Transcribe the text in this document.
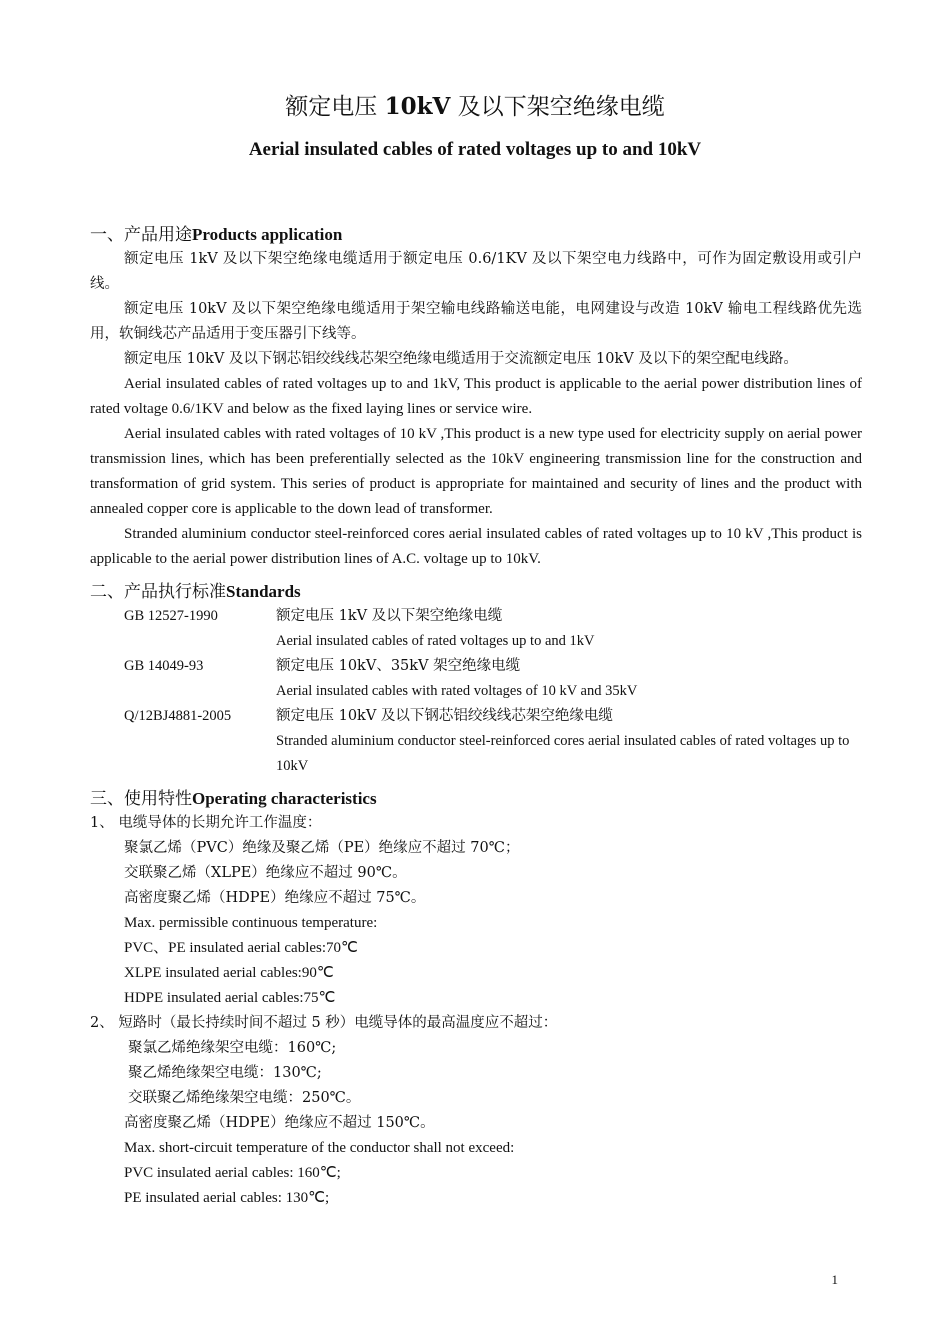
额定电压 10kV 及以下架空绝缘电缆
Aerial insulated cables of rated voltages up to and 10kV
一、产品用途Products application

额定电压 1kV 及以下架空绝缘电缆适用于额定电压 0.6/1KV 及以下架空电力线路中，可作为固定敷设用或引户线。

额定电压 10kV 及以下架空绝缘电缆适用于架空输电线路输送电能，电网建设与改造 10kV 输电工程线路优先选用，软铜线芯产品适用于变压器引下线等。

额定电压 10kV 及以下钢芯铝绞线线芯架空绝缘电缆适用于交流额定电压 10kV 及以下的架空配电线路。

Aerial insulated cables of rated voltages up to and 1kV, This product is applicable to the aerial power distribution lines of rated voltage 0.6/1KV and below as the fixed laying lines or service wire.

Aerial insulated cables with rated voltages of 10 kV ,This product is a new type used for electricity supply on aerial power transmission lines, which has been preferentially selected as the 10kV engineering transmission line for the construction and transformation of grid system. This series of product is appropriate for maintained and security of lines and the product with annealed copper core is applicable to the down lead of transformer.

Stranded aluminium conductor steel-reinforced cores aerial insulated cables of rated voltages up to 10 kV ,This product is applicable to the aerial power distribution lines of A.C. voltage up to 10kV.

二、产品执行标准Standards
GB 12527-1990	额定电压 1kV 及以下架空绝缘电缆
	Aerial insulated cables of rated voltages up to and 1kV
GB 14049-93	额定电压 10kV、35kV 架空绝缘电缆
	Aerial insulated cables with rated voltages of 10 kV and 35kV
Q/12BJ4881-2005	额定电压 10kV 及以下钢芯铝绞线线芯架空绝缘电缆
	Stranded aluminium conductor steel-reinforced cores aerial insulated cables of rated voltages up to 10kV
三、使用特性Operating characteristics

1、 电缆导体的长期允许工作温度：

聚氯乙烯（PVC）绝缘及聚乙烯（PE）绝缘应不超过 70℃；

交联聚乙烯（XLPE）绝缘应不超过 90℃。

高密度聚乙烯（HDPE）绝缘应不超过 75℃。

Max. permissible continuous temperature:

PVC、PE insulated aerial cables:70℃

XLPE insulated aerial cables:90℃

HDPE insulated aerial cables:75℃

2、 短路时（最长持续时间不超过 5 秒）电缆导体的最高温度应不超过：

聚氯乙烯绝缘架空电缆：160℃;

聚乙烯绝缘架空电缆：130℃;

交联聚乙烯绝缘架空电缆：250℃。

高密度聚乙烯（HDPE）绝缘应不超过 150℃。

Max. short-circuit temperature of the conductor shall not exceed:

PVC insulated aerial cables: 160℃;

PE insulated aerial cables: 130℃;

1
